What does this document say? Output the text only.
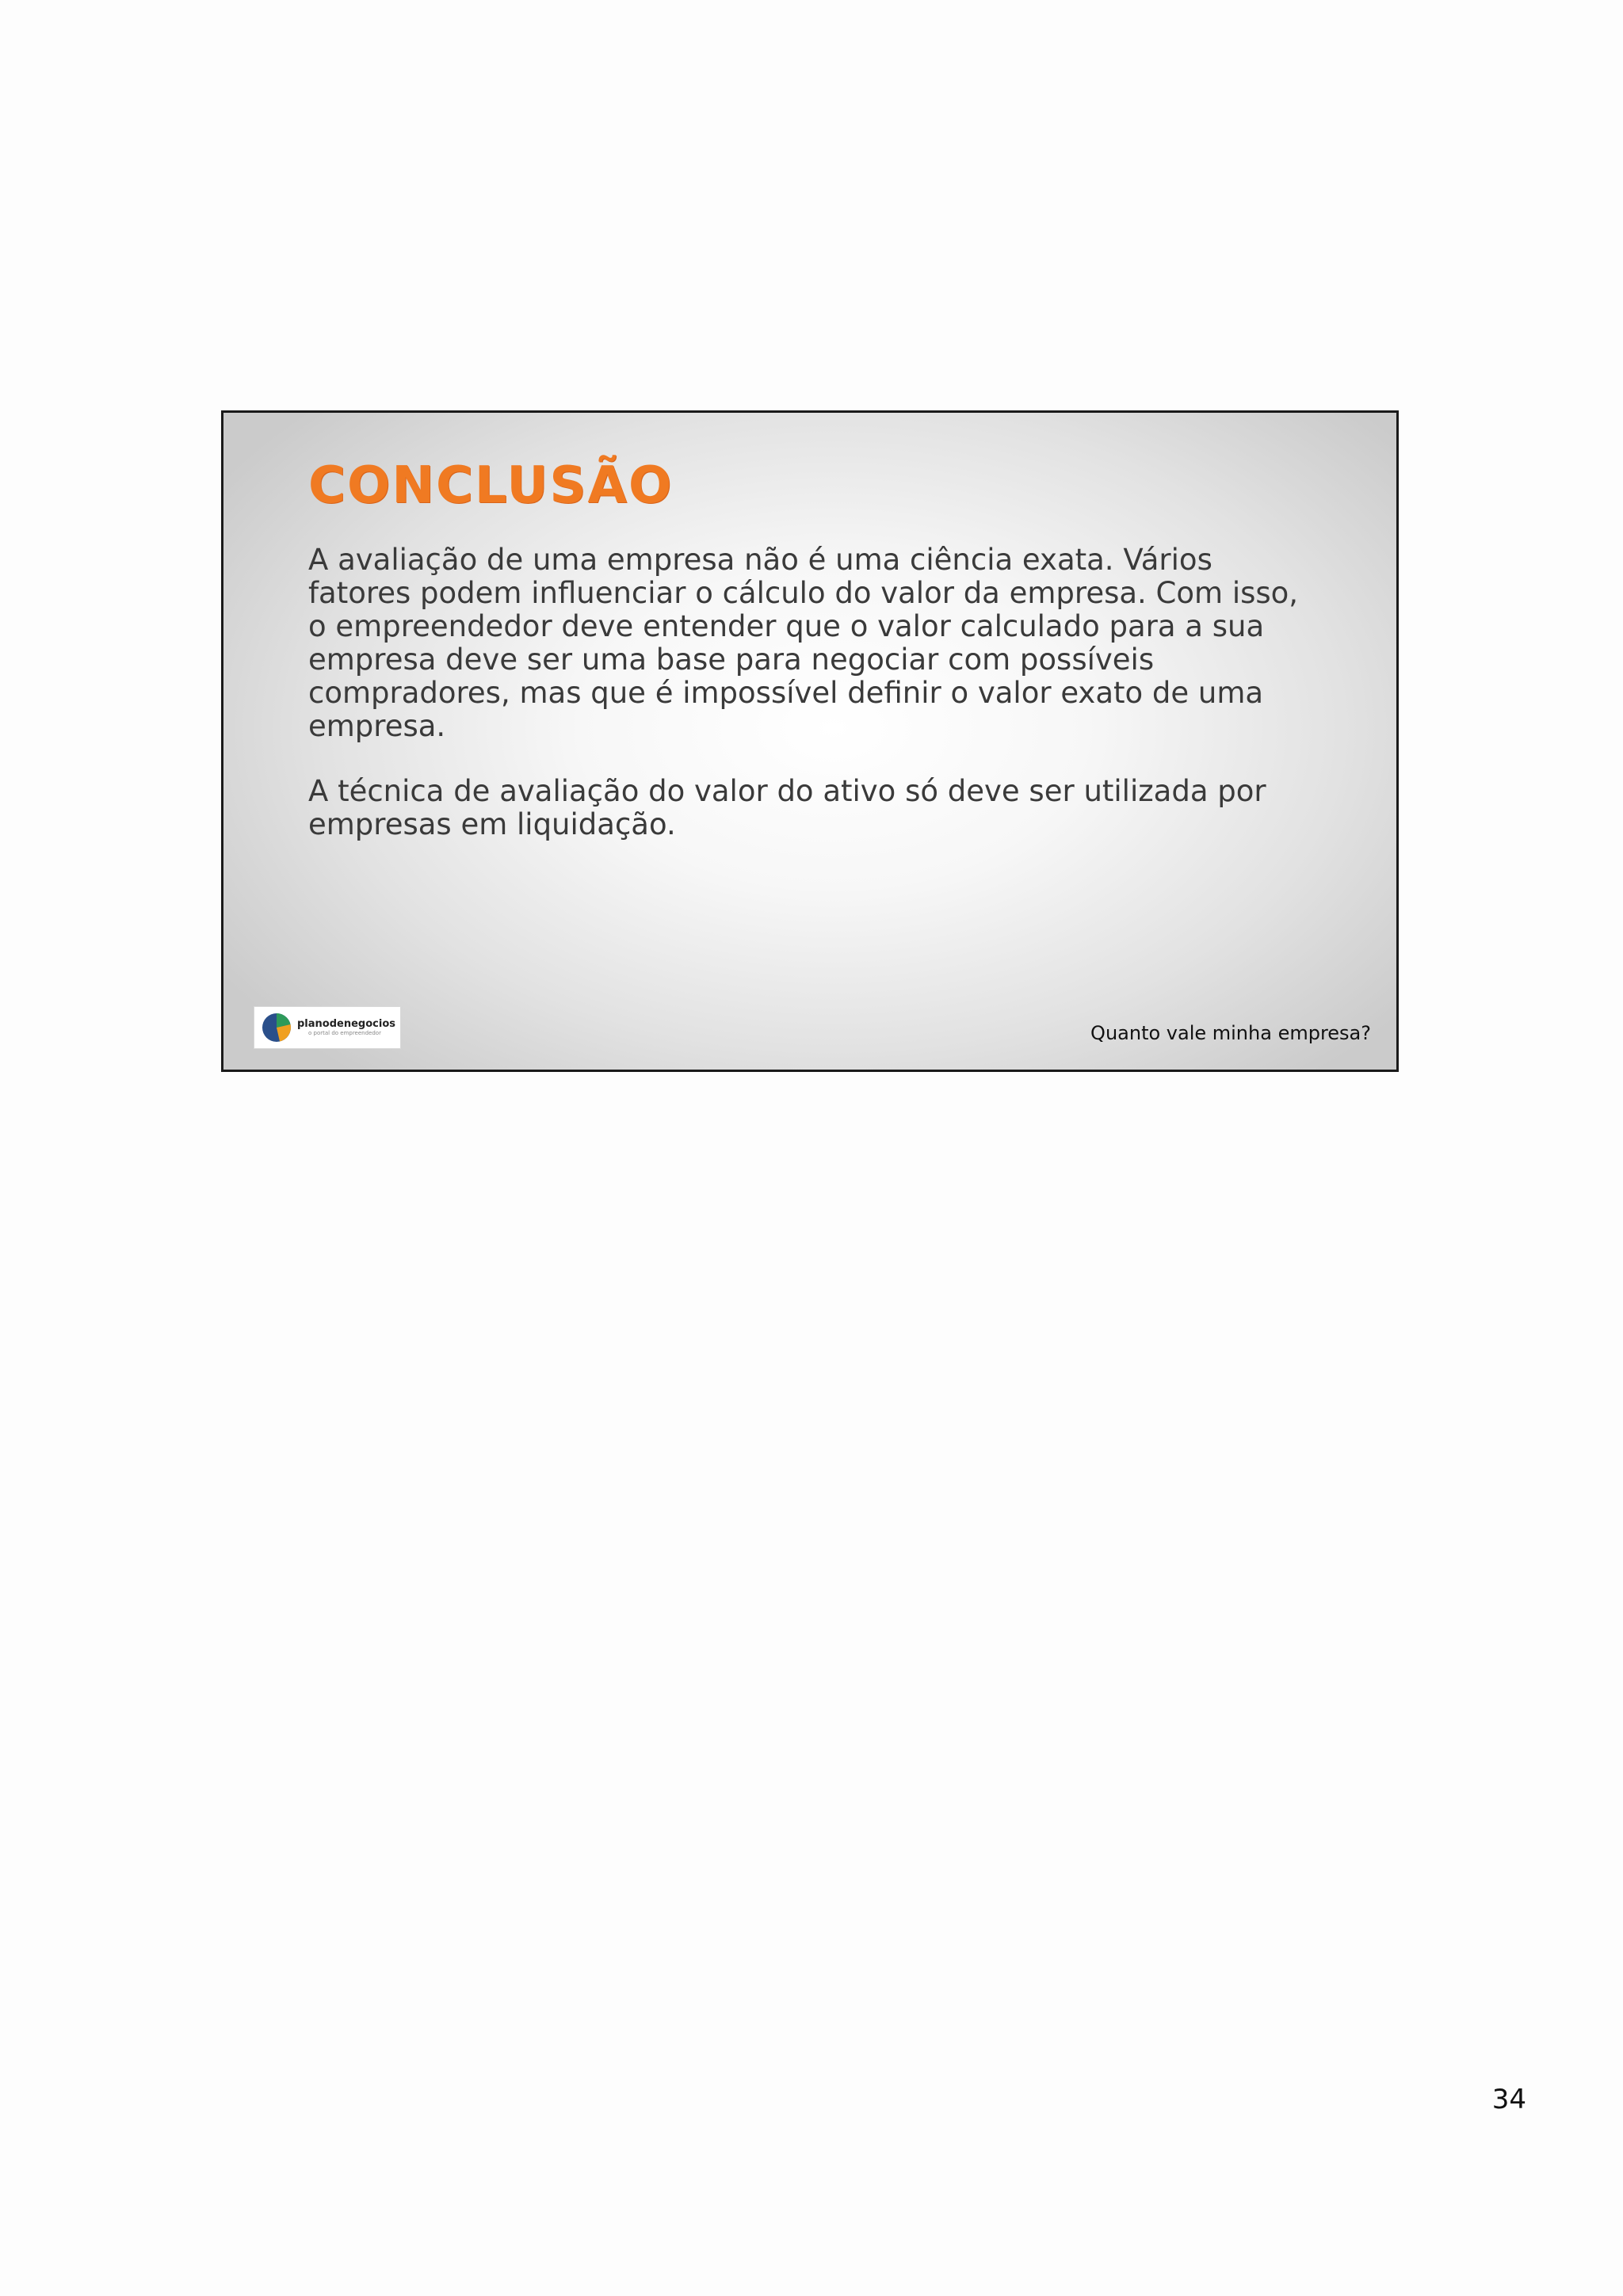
CONCLUSÃO

A avaliação de uma empresa não é uma ciência exata. Vários fatores podem influenciar o cálculo do valor da empresa. Com isso, o empreendedor deve entender que o valor calculado para a sua empresa deve ser uma base para negociar com possíveis compradores, mas que é impossível definir o valor exato de uma empresa.

A técnica de avaliação do valor do ativo só deve ser utilizada por empresas em liquidação.

planodenegocios
o portal do empreendedor	Quanto vale minha empresa?
34
